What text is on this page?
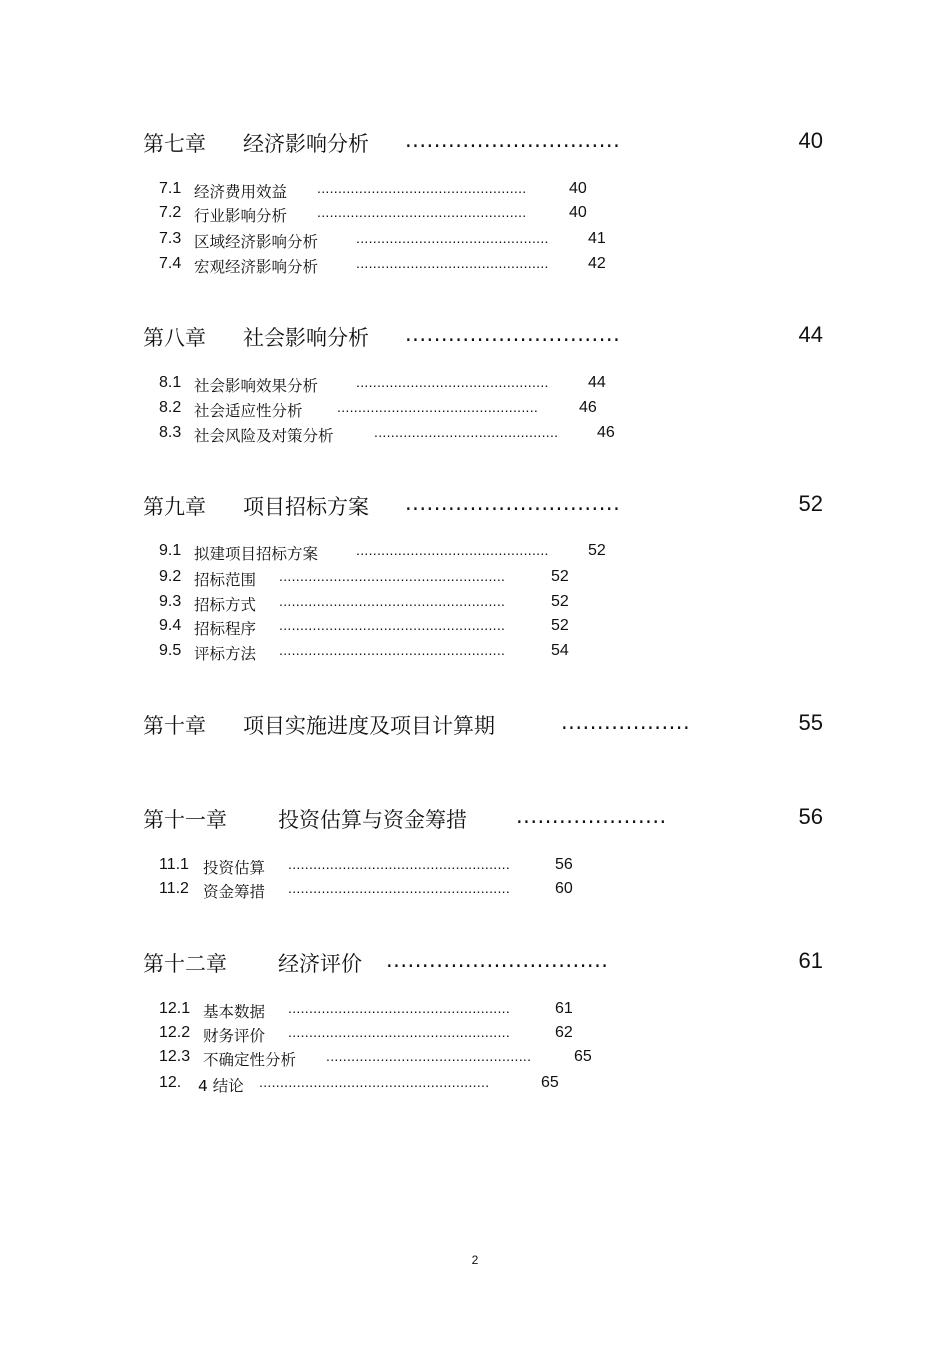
第七章 经济影响分析 ..............................	40
7.1 经济费用效益 ..................................................	40
7.2 行业影响分析 ..................................................	40
7.3 区域经济影响分析	.............................................. 41
7.4 宏观经济影响分析	.............................................. 42
第八章 社会影响分析 ..............................	44
8.1 社会影响效果分析	.............................................. 44
8.2 社会适应性分析 ................................................	46
8.3 社会风险及对策分析	............................................ 46
第九章 项目招标方案 ..............................	52
9.1 拟建项目招标方案	.............................................. 52
9.2 招标范围 ......................................................	52
9.3 招标方式 ......................................................	52
9.4 招标程序 ......................................................	52
9.5 评标方法 ......................................................	54
第十章 项目实施进度及项目计算期	..................	55
第十一章 投资估算与资金筹措 .....................	56
11.1 投资估算 .....................................................	56
11.2 资金筹措 .....................................................	60
第十二章 经济评价 ...............................	61
12.1 基本数据 .....................................................	61
12.2 财务评价 .....................................................	62
12.3 不确定性分析 .................................................	65
12. 4 结论 .......................................................	65
2
